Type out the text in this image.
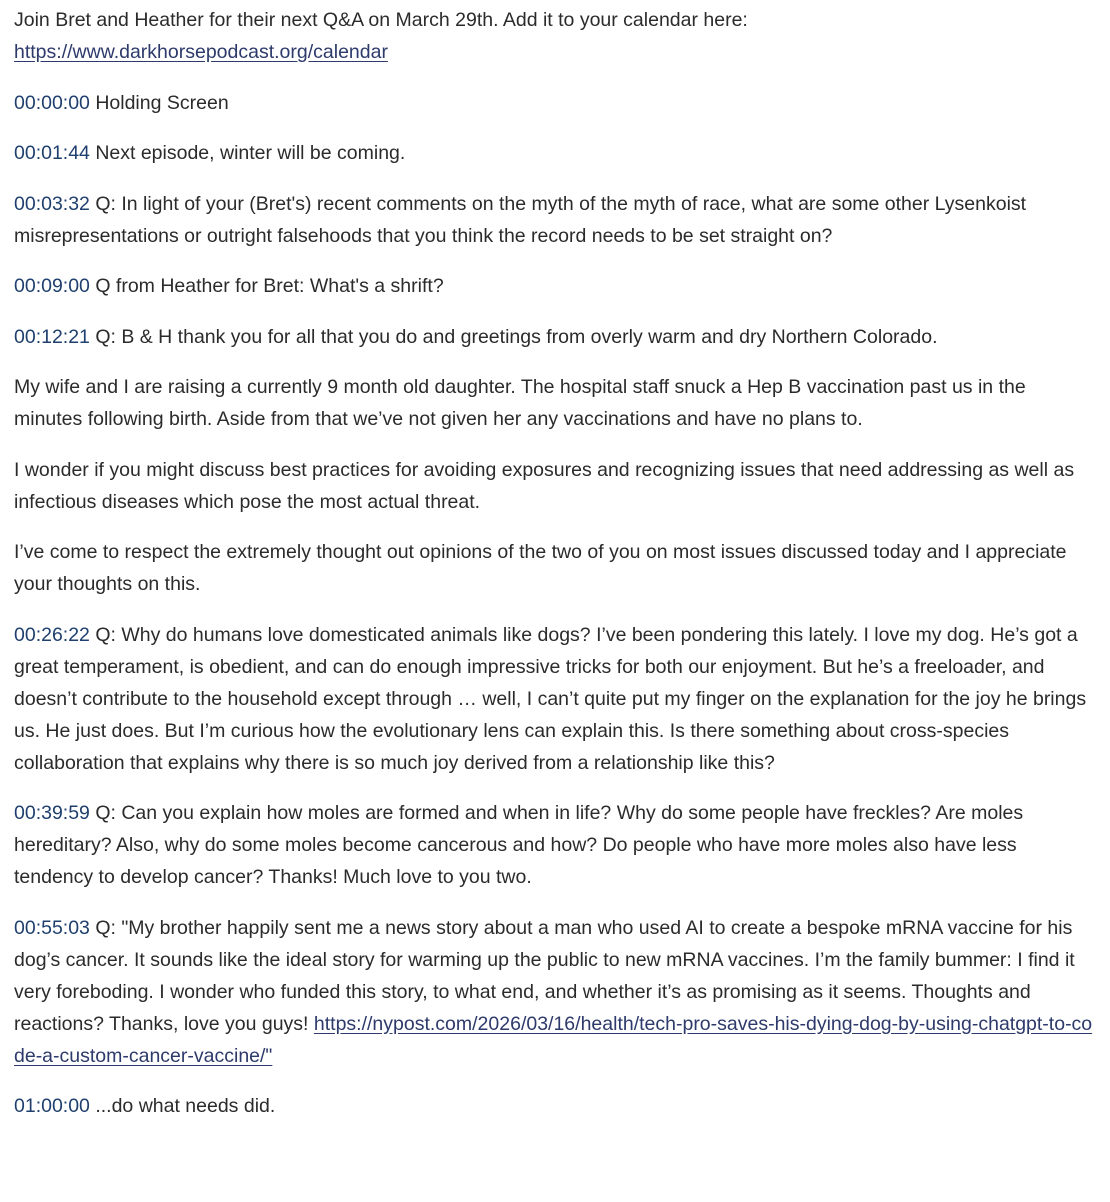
Join Bret and Heather for their next Q&A on March 29th. Add it to your calendar here:
https://www.darkhorsepodcast.org/calendar

00:00:00 Holding Screen

00:01:44 Next episode, winter will be coming.

00:03:32 Q: In light of your (Bret's) recent comments on the myth of the myth of race, what are some other Lysenkoist misrepresentations or outright falsehoods that you think the record needs to be set straight on?

00:09:00 Q from Heather for Bret: What's a shrift?

00:12:21 Q: B & H thank you for all that you do and greetings from overly warm and dry Northern Colorado.

My wife and I are raising a currently 9 month old daughter. The hospital staff snuck a Hep B vaccination past us in the minutes following birth. Aside from that we’ve not given her any vaccinations and have no plans to.

I wonder if you might discuss best practices for avoiding exposures and recognizing issues that need addressing as well as infectious diseases which pose the most actual threat.

I’ve come to respect the extremely thought out opinions of the two of you on most issues discussed today and I appreciate your thoughts on this.

00:26:22 Q: Why do humans love domesticated animals like dogs? I’ve been pondering this lately. I love my dog. He’s got a great temperament, is obedient, and can do enough impressive tricks for both our enjoyment. But he’s a freeloader, and doesn’t contribute to the household except through … well, I can’t quite put my finger on the explanation for the joy he brings us. He just does. But I’m curious how the evolutionary lens can explain this. Is there something about cross-species collaboration that explains why there is so much joy derived from a relationship like this?

00:39:59 Q: Can you explain how moles are formed and when in life? Why do some people have freckles? Are moles hereditary? Also, why do some moles become cancerous and how? Do people who have more moles also have less tendency to develop cancer? Thanks! Much love to you two.

00:55:03 Q: "My brother happily sent me a news story about a man who used AI to create a bespoke mRNA vaccine for his dog’s cancer. It sounds like the ideal story for warming up the public to new mRNA vaccines. I’m the family bummer: I find it very foreboding. I wonder who funded this story, to what end, and whether it’s as promising as it seems. Thoughts and reactions? Thanks, love you guys! https://nypost.com/2026/03/16/health/tech-pro-saves-his-dying-dog-by-using-chatgpt-to-code-a-custom-cancer-vaccine/"

01:00:00 ...do what needs did.
